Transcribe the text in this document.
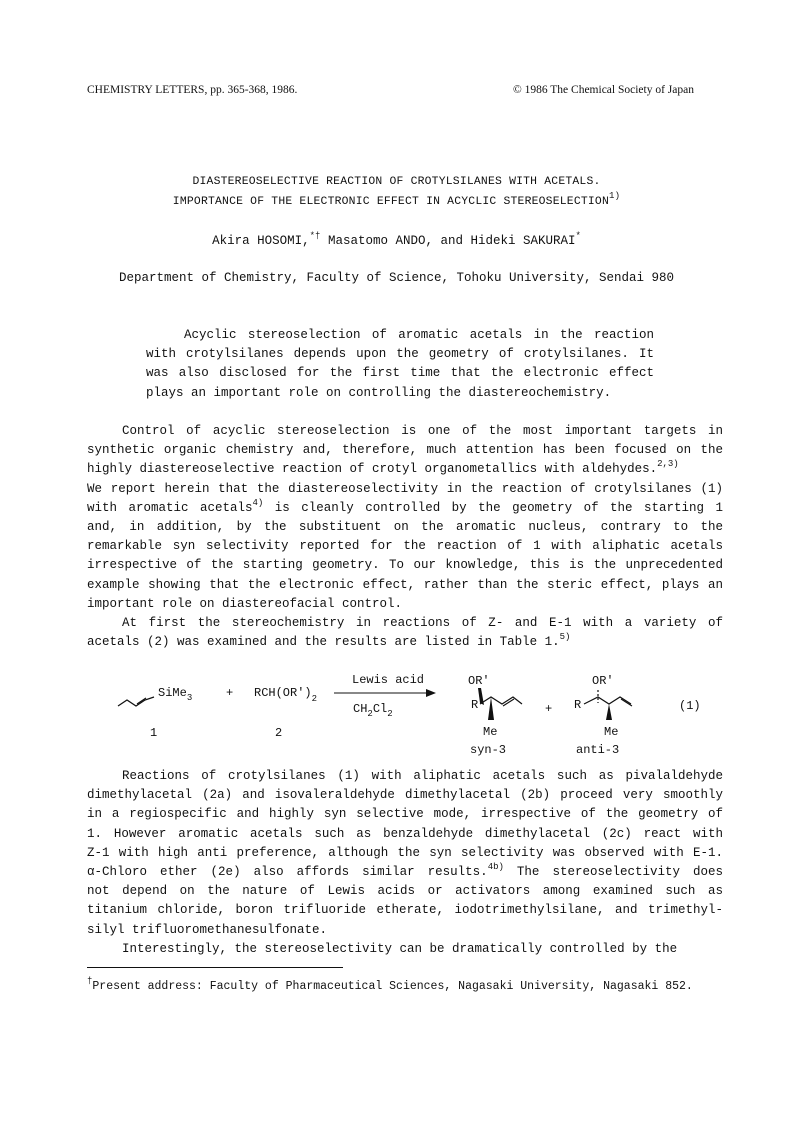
CHEMISTRY LETTERS, pp. 365-368, 1986.	© 1986 The Chemical Society of Japan
DIASTEREOSELECTIVE REACTION OF CROTYLSILANES WITH ACETALS.
IMPORTANCE OF THE ELECTRONIC EFFECT IN ACYCLIC STEREOSELECTION$^{1)}$
Akira HOSOMI,*† Masatomo ANDO, and Hideki SAKURAI*
Department of Chemistry, Faculty of Science, Tohoku University, Sendai 980
Acyclic stereoselection of aromatic acetals in the reaction
with crotylsilanes depends upon the geometry of crotylsilanes. It
was also disclosed for the first time that the electronic effect
plays an important role on controlling the diastereochemistry.
Control of acyclic stereoselection is one of the most important targets in
synthetic organic chemistry and, therefore, much attention has been focused on the
highly diastereoselective reaction of crotyl organometallics with aldehydes.$^{2,3)}$
We report herein that the diastereoselectivity in the reaction of crotylsilanes (1)
with aromatic acetals$^{4)}$ is cleanly controlled by the geometry of the starting 1
and, in addition, by the substituent on the aromatic nucleus, contrary to the
remarkable syn selectivity reported for the reaction of 1 with aliphatic acetals
irrespective of the starting geometry. To our knowledge, this is the unprecedented
example showing that the electronic effect, rather than the steric effect, plays an
important role on diastereofacial control.
At first the stereochemistry in reactions of Z- and E-1 with a variety of
acetals (2) was examined and the results are listed in Table 1.$^{5)}$
SiMe$_3$	+ $RCH(OR')_2$
1	2
Lewis acid
$CH_2Cl_2$
OR'
R
Me
syn-3
+
OR'
R
Me
anti-3
(1)
Reactions of crotylsilanes (1) with aliphatic acetals such as pivalaldehyde
dimethylacetal (2a) and isovaleraldehyde dimethylacetal (2b) proceed very smoothly
in a regiospecific and highly syn selective mode, irrespective of the geometry of
1. However aromatic acetals such as benzaldehyde dimethylacetal (2c) react with
Z-1 with high anti preference, although the syn selectivity was observed with E-1.
α-Chloro ether (2e) also affords similar results.$^{4b)}$ The stereoselectivity does
not depend on the nature of Lewis acids or activators among examined such as
titanium chloride, boron trifluoride etherate, iodotrimethylsilane, and trimethyl-
silyl trifluoromethanesulfonate.
Interestingly, the stereoselectivity can be dramatically controlled by the
†Present address: Faculty of Pharmaceutical Sciences, Nagasaki University, Nagasaki 852.
